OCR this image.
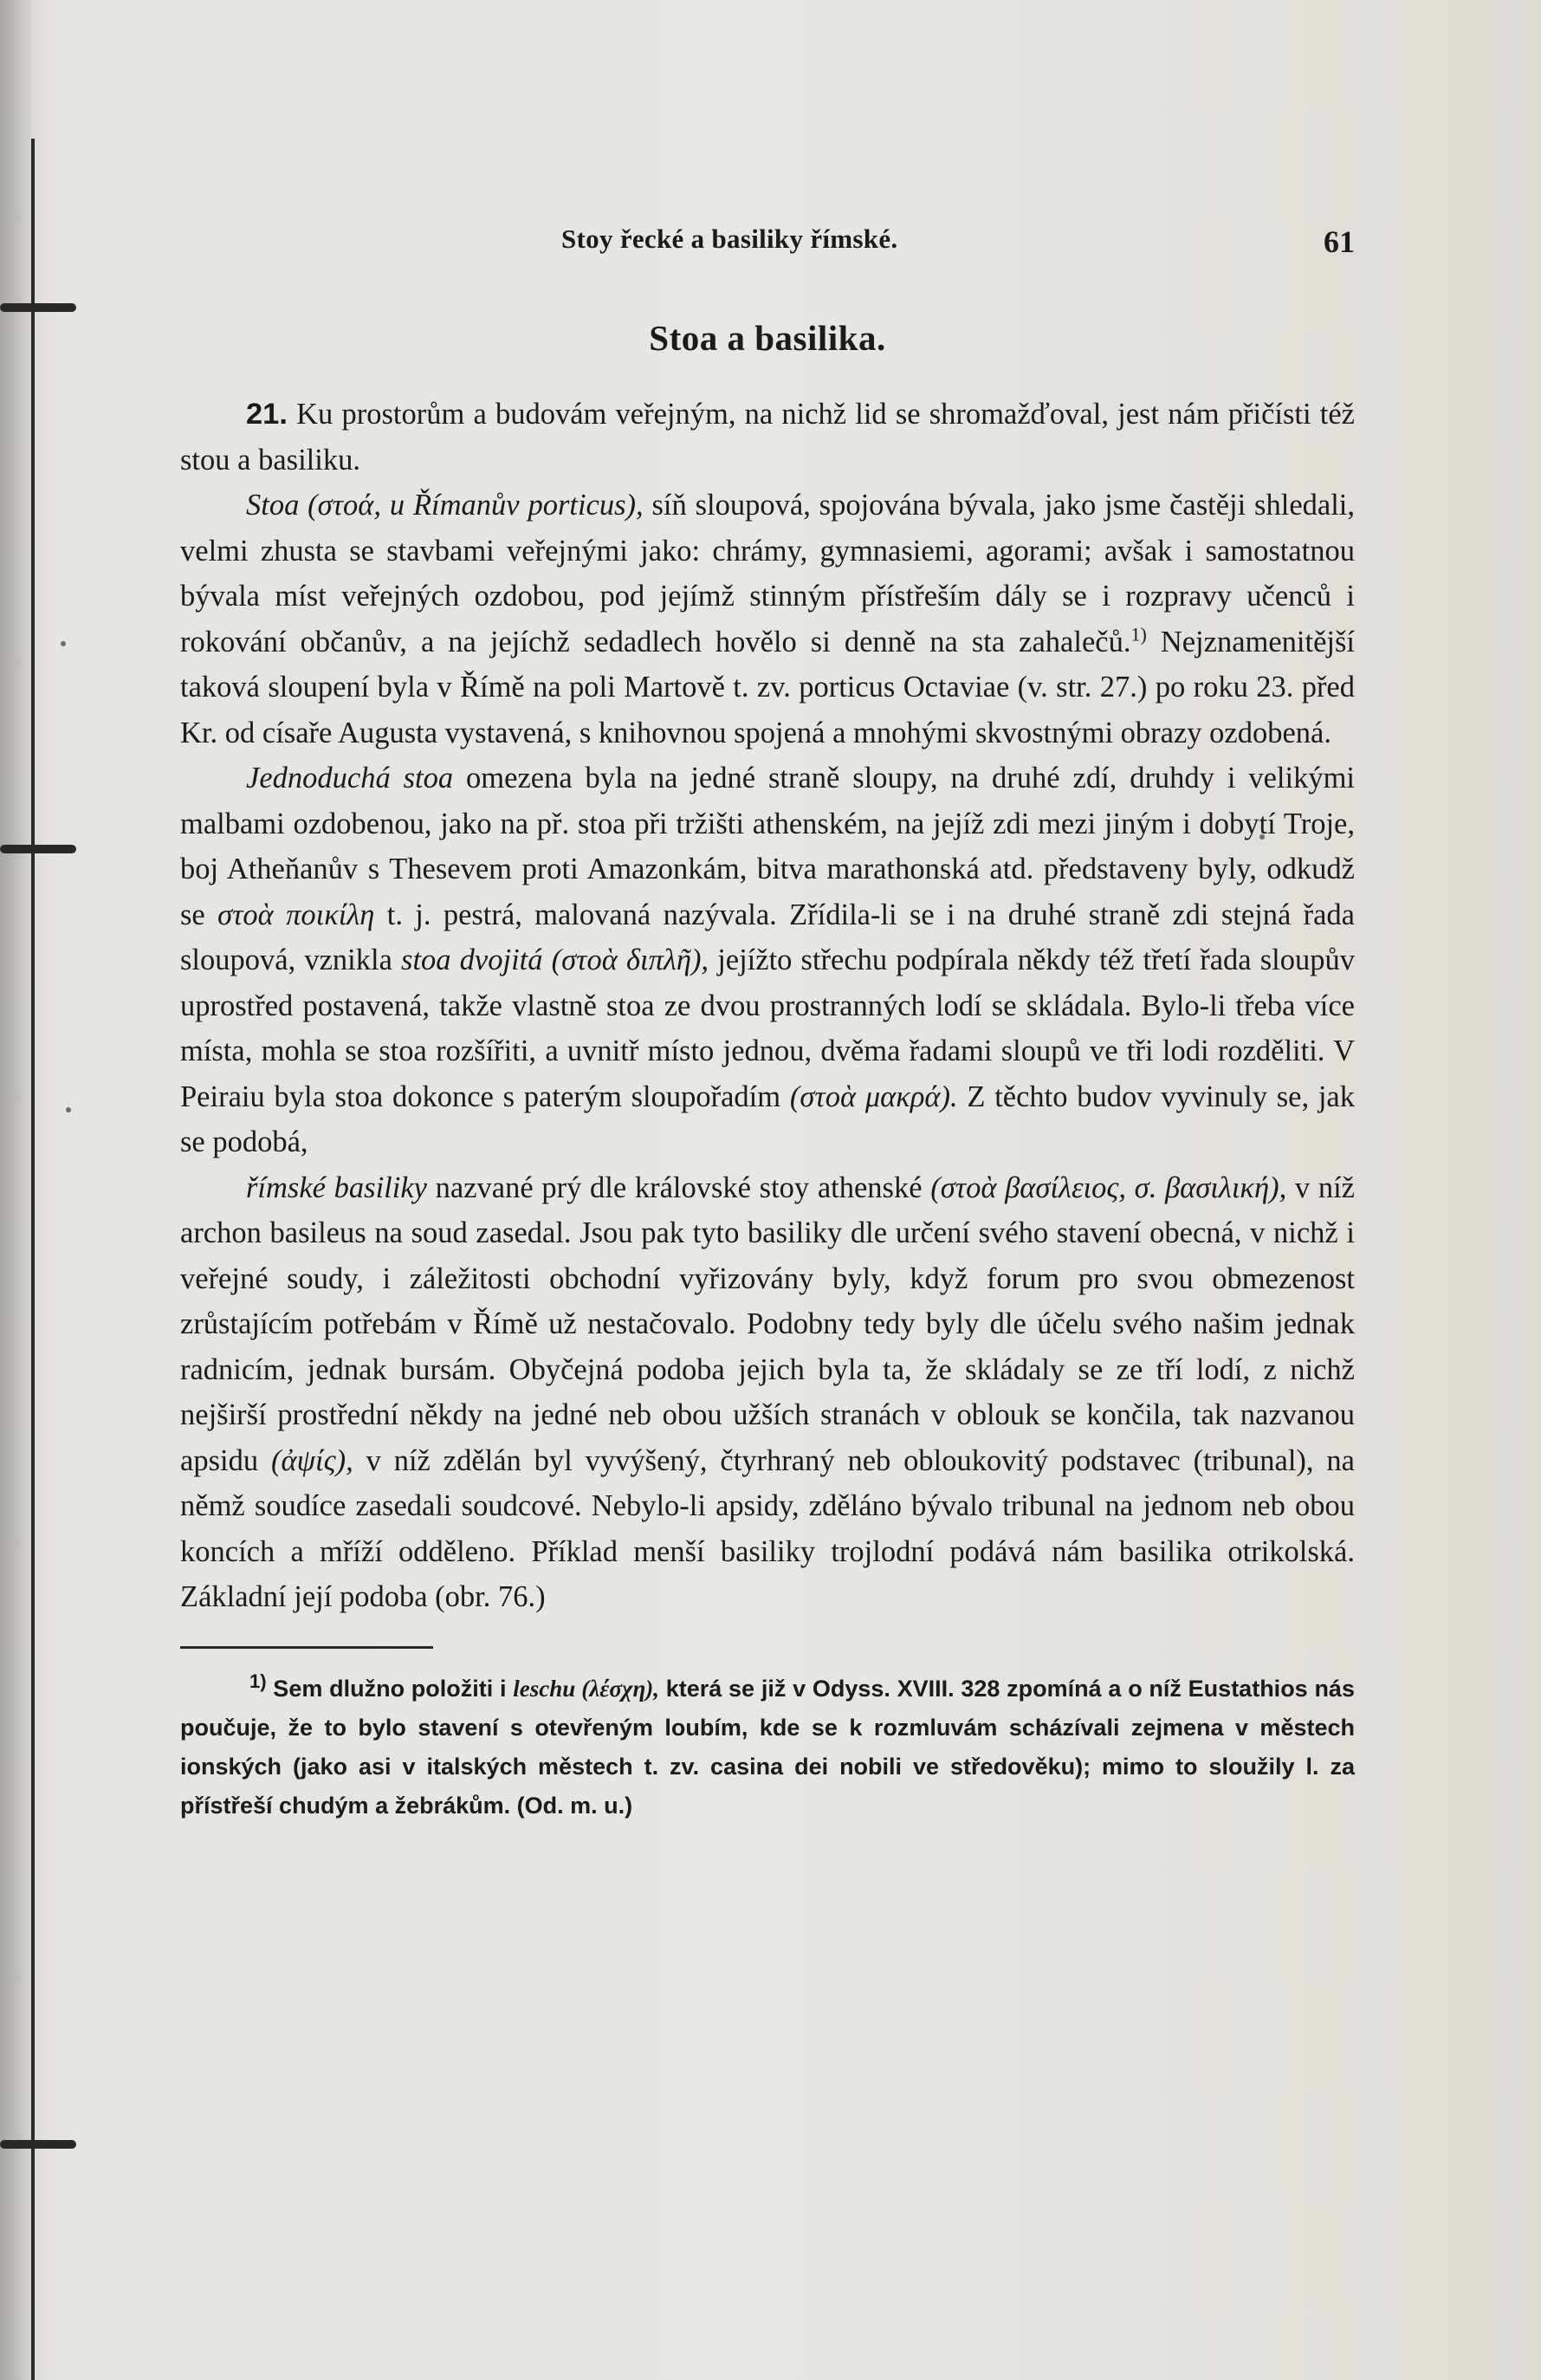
Stoy řecké a basiliky římské.	61
Stoa a basilika.

21. Ku prostorům a budovám veřejným, na nichž lid se shromažďoval, jest nám přičísti též stou a basiliku.

Stoa (στοά, u Římanův porticus), síň sloupová, spojována bývala, jako jsme častěji shledali, velmi zhusta se stavbami veřejnými jako: chrámy, gymnasiemi, agorami; avšak i samostatnou bývala míst veřejných ozdobou, pod jejímž stinným přístřeším dály se i rozpravy učenců i rokování občanův, a na jejíchž sedadlech hovělo si denně na sta zahalečů.$^{1)}$ Nejznamenitější taková sloupení byla v Římě na poli Martově t. zv. porticus Octaviae (v. str. 27.) po roku 23. před Kr. od císaře Augusta vystavená, s knihovnou spojená a mnohými skvostnými obrazy ozdobená.

Jednoduchá stoa omezena byla na jedné straně sloupy, na druhé zdí, druhdy i velikými malbami ozdobenou, jako na př. stoa při tržišti athenském, na jejíž zdi mezi jiným i dobytí Troje, boj Atheňanův s Thesevem proti Amazonkám, bitva marathonská atd. představeny byly, odkudž se στοὰ ποικίλη t. j. pestrá, malovaná nazývala. Zřídila-li se i na druhé straně zdi stejná řada sloupová, vznikla stoa dvojitá (στοὰ διπλῆ), jejížto střechu podpírala někdy též třetí řada sloupův uprostřed postavená, takže vlastně stoa ze dvou prostranných lodí se skládala. Bylo-li třeba více místa, mohla se stoa rozšířiti, a uvnitř místo jednou, dvěma řadami sloupů ve tři lodi rozděliti. V Peiraiu byla stoa dokonce s paterým sloupořadím (στοὰ μακρά). Z těchto budov vyvinuly se, jak se podobá,

římské basiliky nazvané prý dle královské stoy athenské (στοὰ βασίλειος, σ. βασιλική), v níž archon basileus na soud zasedal. Jsou pak tyto basiliky dle určení svého stavení obecná, v nichž i veřejné soudy, i záležitosti obchodní vyřizovány byly, když forum pro svou obmezenost zrůstajícím potřebám v Římě už nestačovalo. Podobny tedy byly dle účelu svého našim jednak radnicím, jednak bursám. Obyčejná podoba jejich byla ta, že skládaly se ze tří lodí, z nichž nejširší prostřední někdy na jedné neb obou užších stranách v oblouk se končila, tak nazvanou apsidu (ἀψίς), v níž zdělán byl vyvýšený, čtyrhraný neb obloukovitý podstavec (tribunal), na němž soudíce zasedali soudcové. Nebylo-li apsidy, zděláno bývalo tribunal na jednom neb obou koncích a mříží odděleno. Příklad menší basiliky trojlodní podává nám basilika otrikolská. Základní její podoba (obr. 76.)

$^{1)}$ Sem dlužno položiti i leschu (λέσχη), která se již v Odyss. XVIII. 328 zpomíná a o níž Eustathios nás poučuje, že to bylo stavení s otevřeným loubím, kde se k rozmluvám scházívali zejmena v městech ionských (jako asi v italských městech t. zv. casina dei nobili ve středověku); mimo to sloužily l. za přístřeší chudým a žebrákům. (Od. m. u.)
